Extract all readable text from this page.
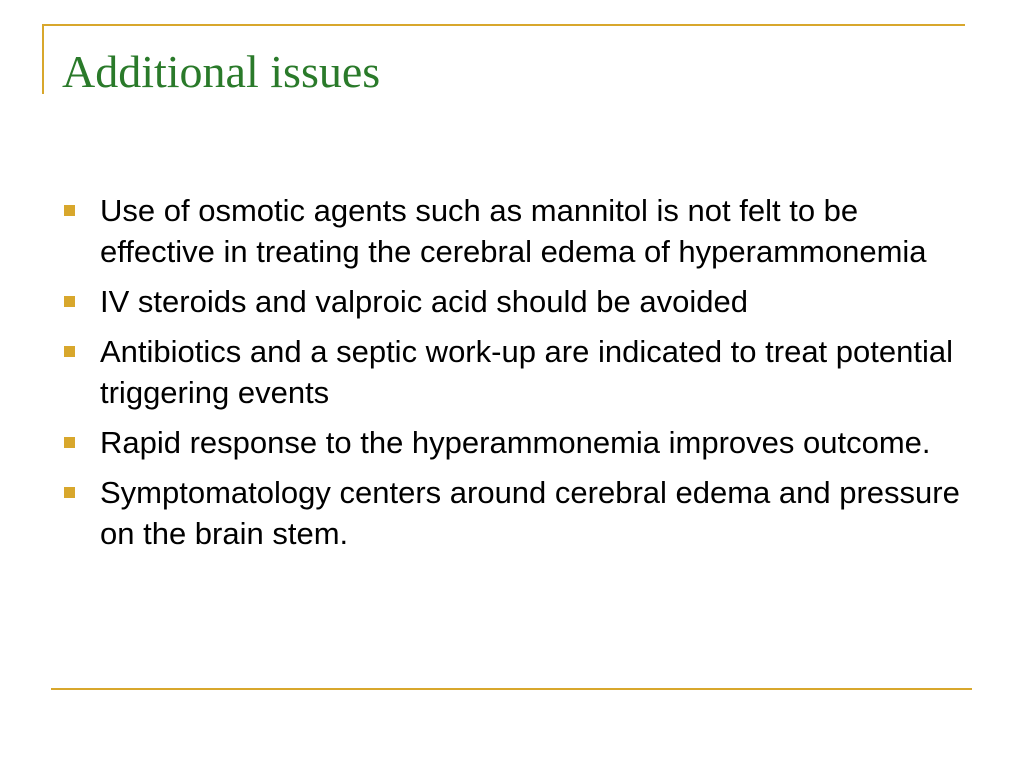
Additional issues
Use of osmotic agents such as mannitol is not felt to be effective in treating the cerebral edema of hyperammonemia
IV steroids and valproic acid should be avoided
Antibiotics and a septic work-up are indicated to treat potential triggering events
Rapid response to the hyperammonemia improves outcome.
Symptomatology centers around cerebral edema and pressure on the brain stem.
